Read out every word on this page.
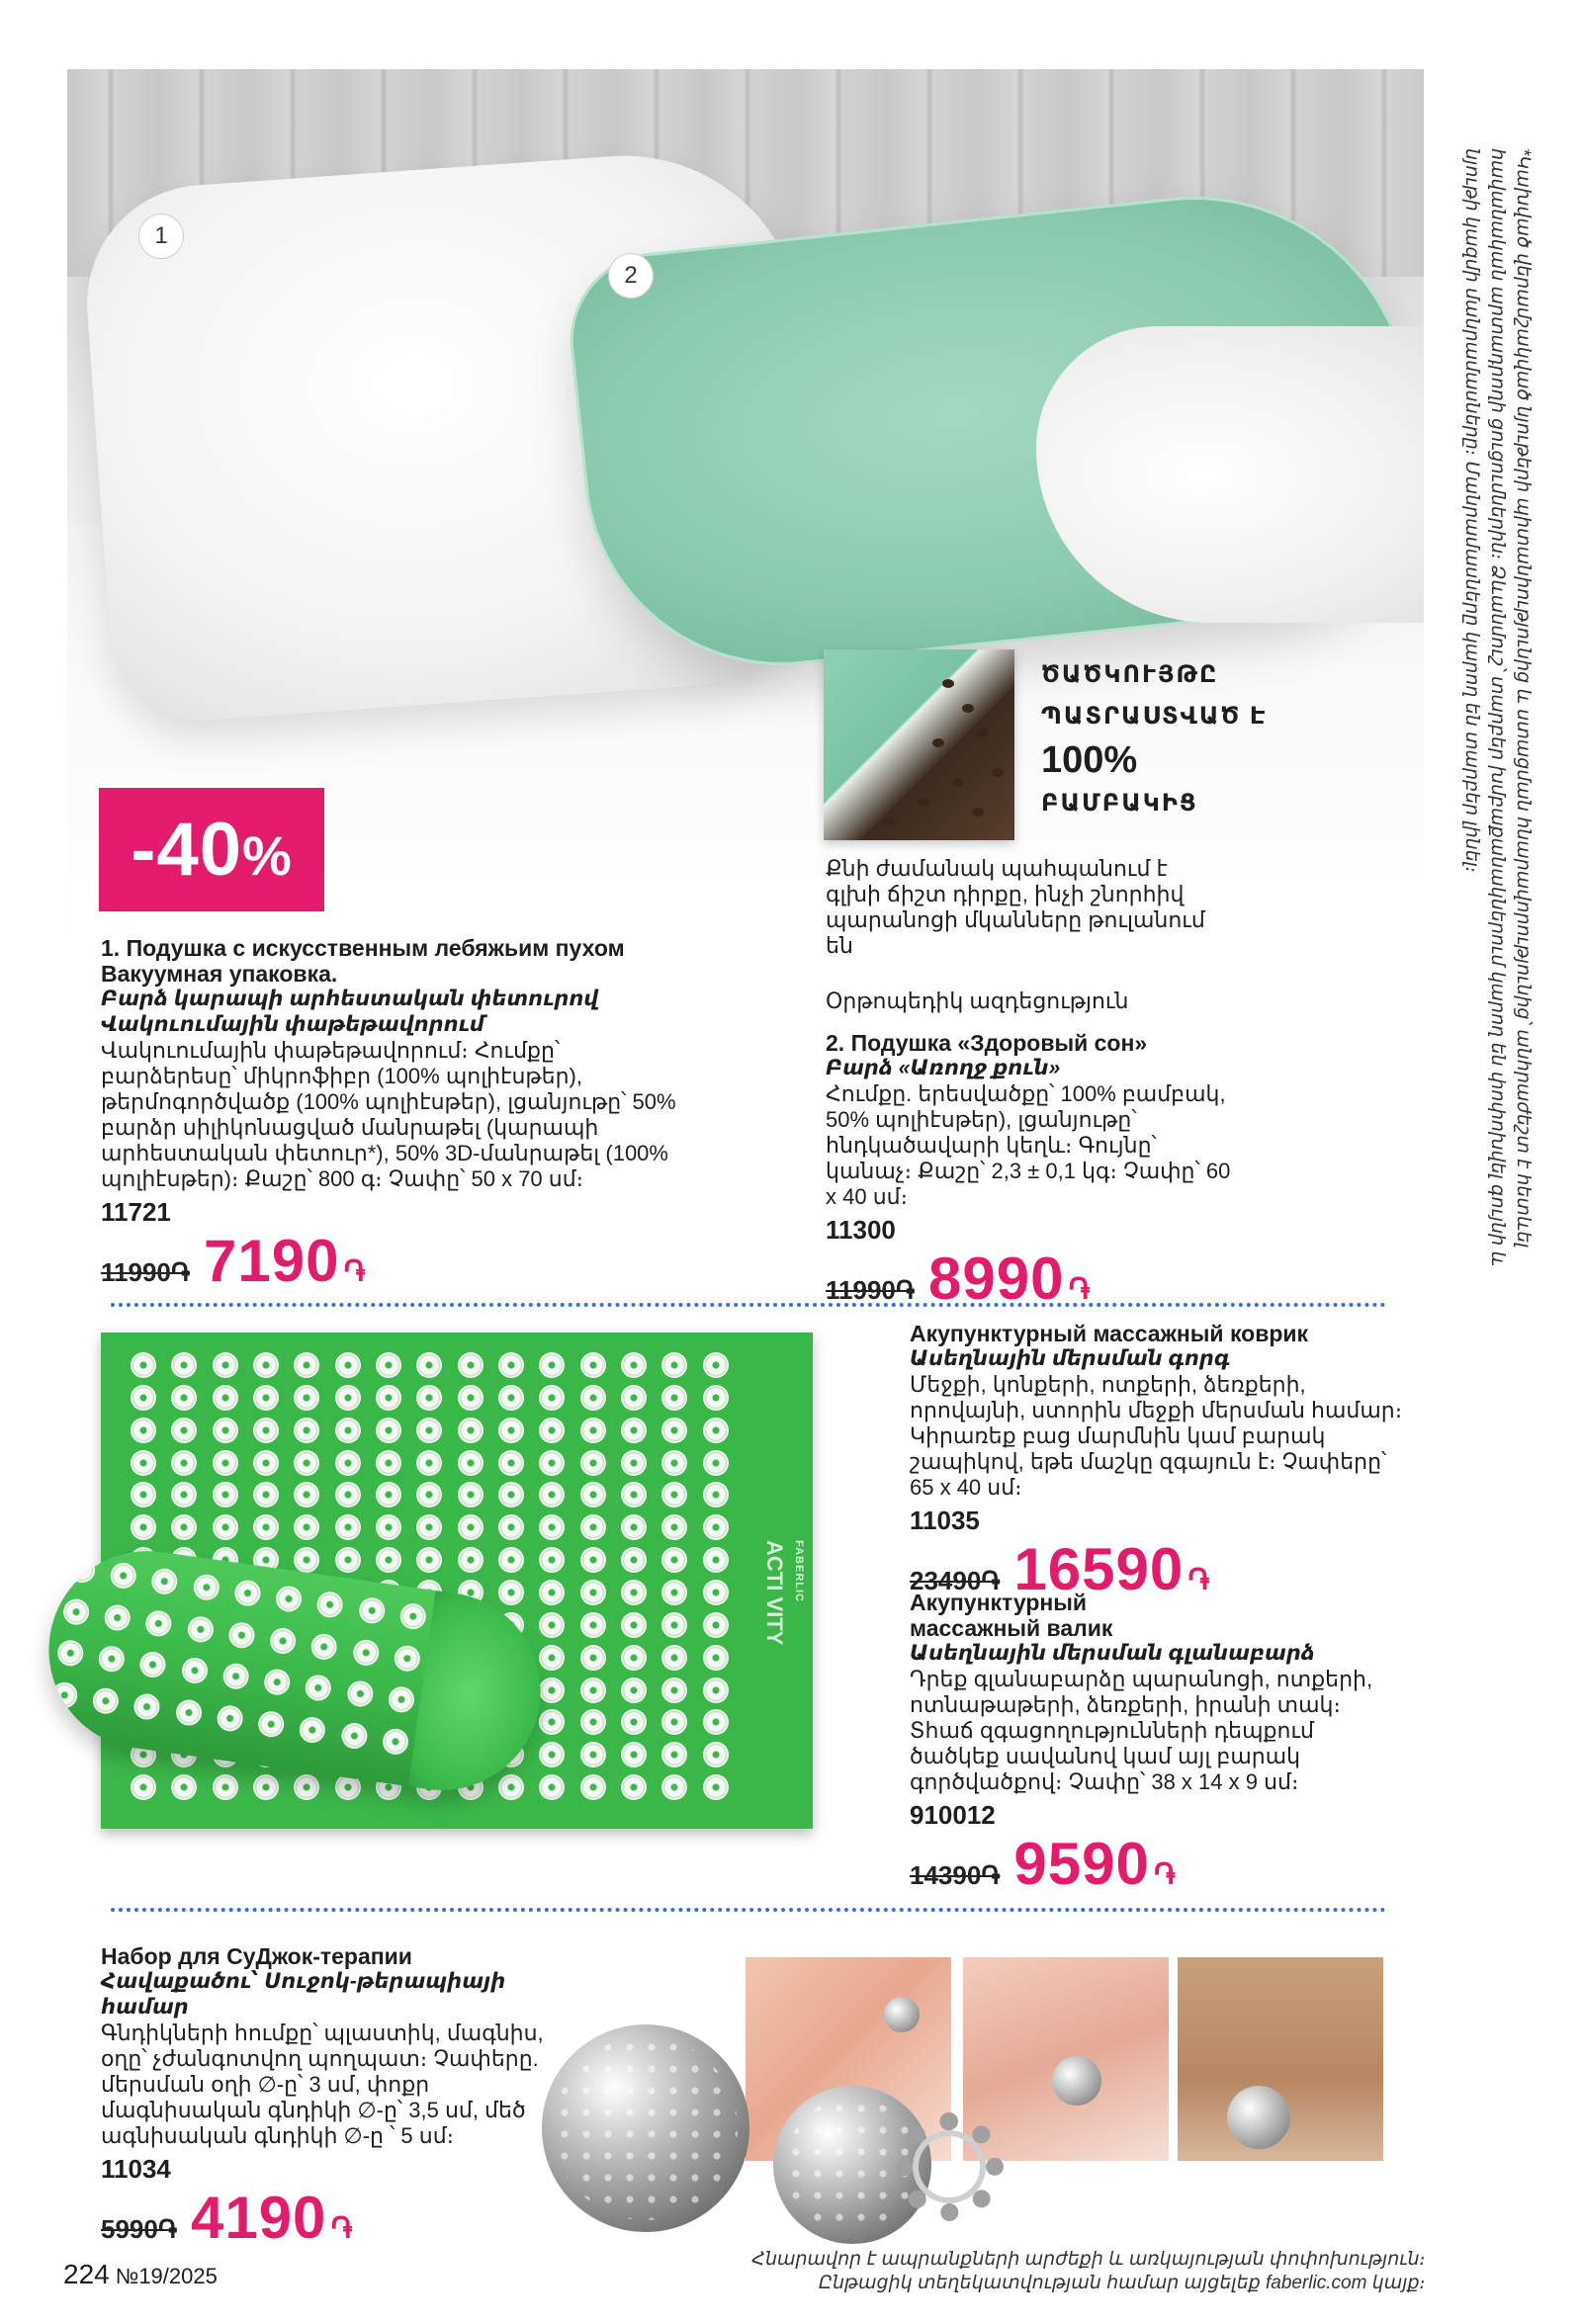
1
2	*Կախված վերամշակված նյութերի պիտանիությունից և ստացման հնարավորությունից՝ անհրաժեշտ է հետևել հավանական արտադրողի ցուցումներին։ Ձևանմուշ՝ տարբեր խմբաքանակներում կարող են փոփոխվել գույնի և նյութի կազմի մանրամասները։ Մանրամասները կարող են տարբեր լինել։

-40%
ԾԱԾԿՈՒՅԹԸ
ՊԱՏՐԱՍՏՎԱԾ Է
100%
ԲԱՄԲԱԿԻՑ
Քնի ժամանակ պահպանում է գլխի ճիշտ դիրքը, ինչի շնորհիվ պարանոցի մկանները թուլանում են
1. Подушка с искусственным лебяжьим пухом
Вакуумная упаковка.
Բարձ կարապի արհեստական փետուրով
Վակուումային փաթեթավորում
Վակուումային փաթեթավորում։ Հումքը՝ բարձերեսը՝ միկրոֆիբր (100% պոլիէսթեր), թերմոգործվածք (100% պոլիէսթեր), լցանյութը՝ 50% բարձր սիլիկոնացված մանրաթել (կարապի արհեստական փետուր*), 50% 3D-մանրաթել (100% պոլիէսթեր)։ Քաշը՝ 800 գ։ Չափը՝ 50 x 70 սմ։
11721
11990֏ 7190 ֏
Օրթոպեդիկ ազդեցություն
2. Подушка «Здоровый сон»
Բարձ «Առողջ քուն»
Հումքը. երեսվածքը՝ 100% բամբակ, 50% պոլիէսթեր), լցանյութը՝ հնդկածավարի կեղև։ Գույնը՝ կանաչ։ Քաշը՝ 2,3 ± 0,1 կգ։ Չափը՝ 60 x 40 սմ։
11300
11990֏ 8990 ֏
FABERLIC
ACTI VITY
Акупунктурный массажный коврик
Ասեղնային մերսման գորգ
Մեջքի, կոնքերի, ոտքերի, ձեռքերի, որովայնի, ստորին մեջքի մերսման համար։ Կիրառեք բաց մարմնին կամ բարակ շապիկով, եթե մաշկը զգայուն է։ Չափերը՝ 65 x 40 սմ։
11035
23490֏ 16590 ֏
Акупунктурный
массажный валик
Ասեղնային մերսման գլանաբարձ
Դրեք գլանաբարձը պարանոցի, ոտքերի, ոտնաթաթերի, ձեռքերի, իրանի տակ։ Տհաճ զգացողությունների դեպքում ծածկեք սավանով կամ այլ բարակ գործվածքով։ Չափը՝ 38 x 14 x 9 սմ։
910012
14390֏ 9590 ֏
Набор для СуДжок-терапии
Հավաքածու՝ Սուջոկ-թերապիայի համար
Գնդիկների հումքը՝ պլաստիկ, մագնիս, օղը՝ չժանգոտվող պողպատ։ Չափերը. մերսման օղի ∅-ը՝ 3 սմ, փոքր մագնիսական գնդիկի ∅-ը՝ 3,5 սմ, մեծ ագնիսական գնդիկի ∅-ը ՝ 5 սմ։
11034
5990֏ 4190 ֏
224 №19/2025
Հնարավոր է ապրանքների արժեքի և առկայության փոփոխություն։
Ընթացիկ տեղեկատվության համար այցելեք faberlic.com կայք։
